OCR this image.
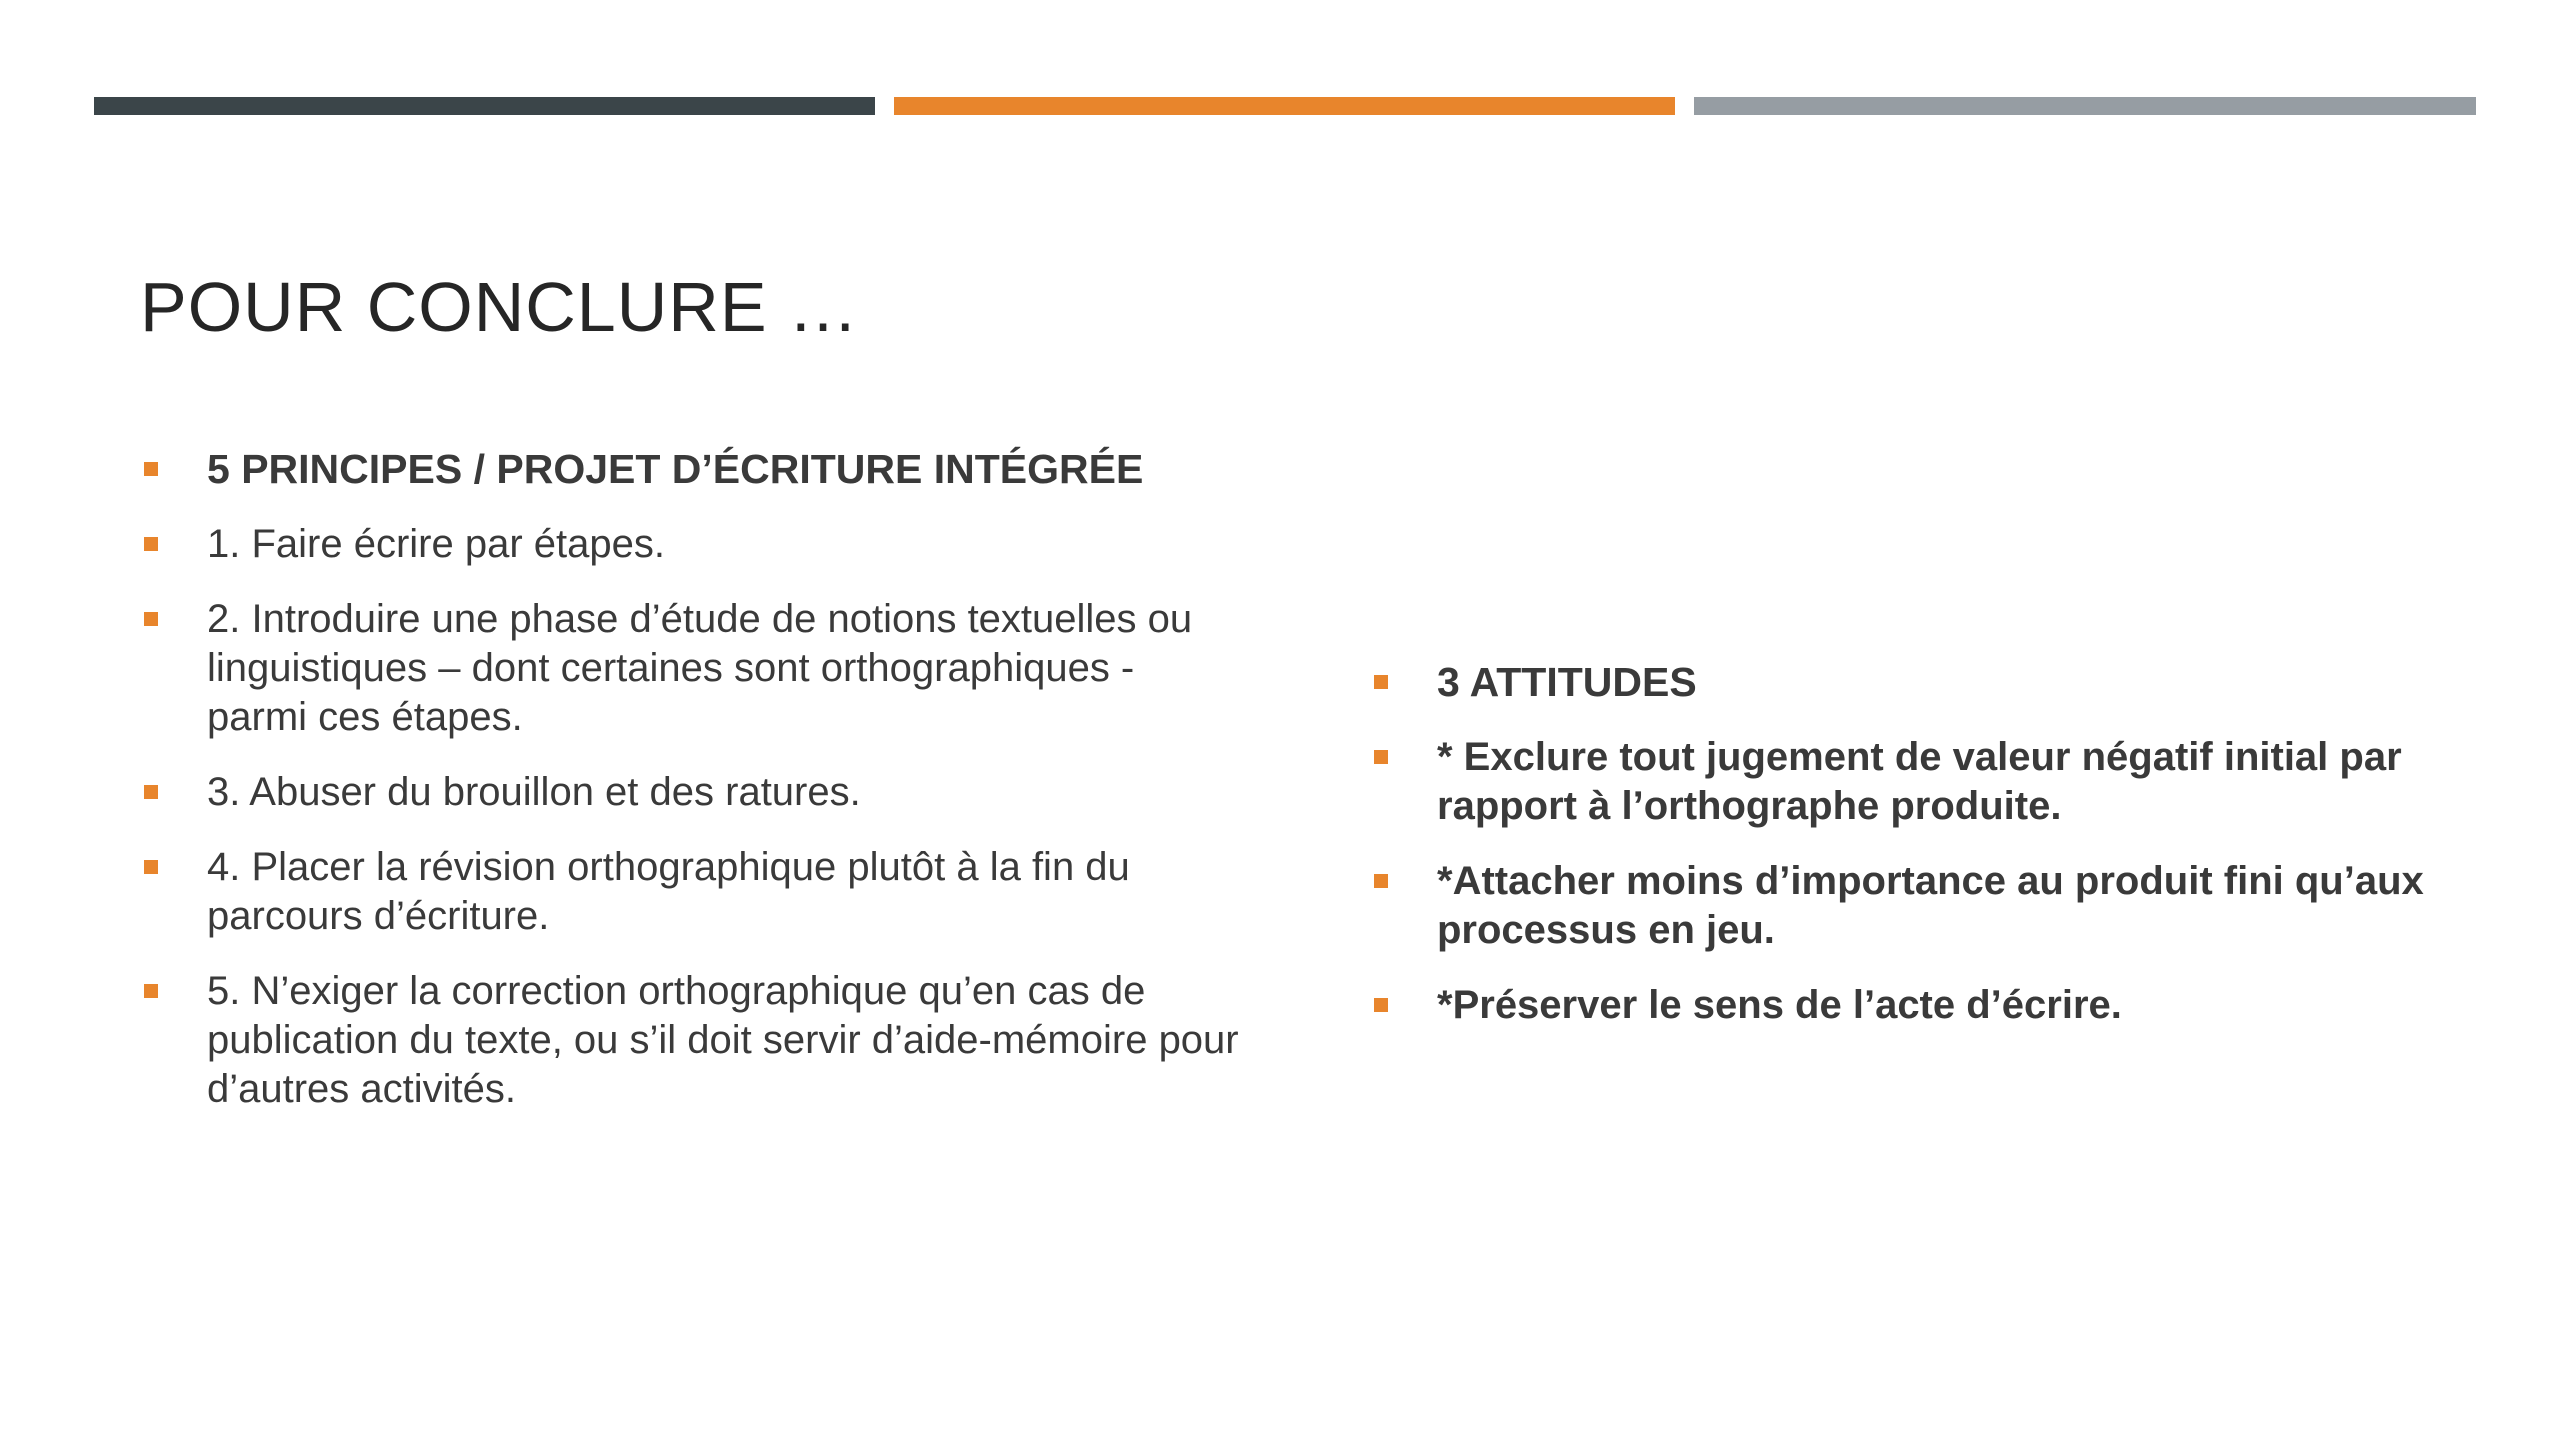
POUR CONCLURE …
5 PRINCIPES / PROJET D’ÉCRITURE INTÉGRÉE
1. Faire écrire par étapes.
2. Introduire une phase d’étude de notions textuelles ou linguistiques – dont certaines sont orthographiques - parmi ces étapes.
3. Abuser du brouillon et des ratures.
4. Placer la révision orthographique plutôt à la fin du parcours d’écriture.
5. N’exiger la correction orthographique qu’en cas de publication du texte, ou s’il doit servir d’aide-mémoire pour d’autres activités.
3 ATTITUDES
* Exclure tout jugement de valeur négatif initial par rapport à l’orthographe produite.
*Attacher moins d’importance au produit fini qu’aux processus en jeu.
*Préserver le sens de l’acte d’écrire.
